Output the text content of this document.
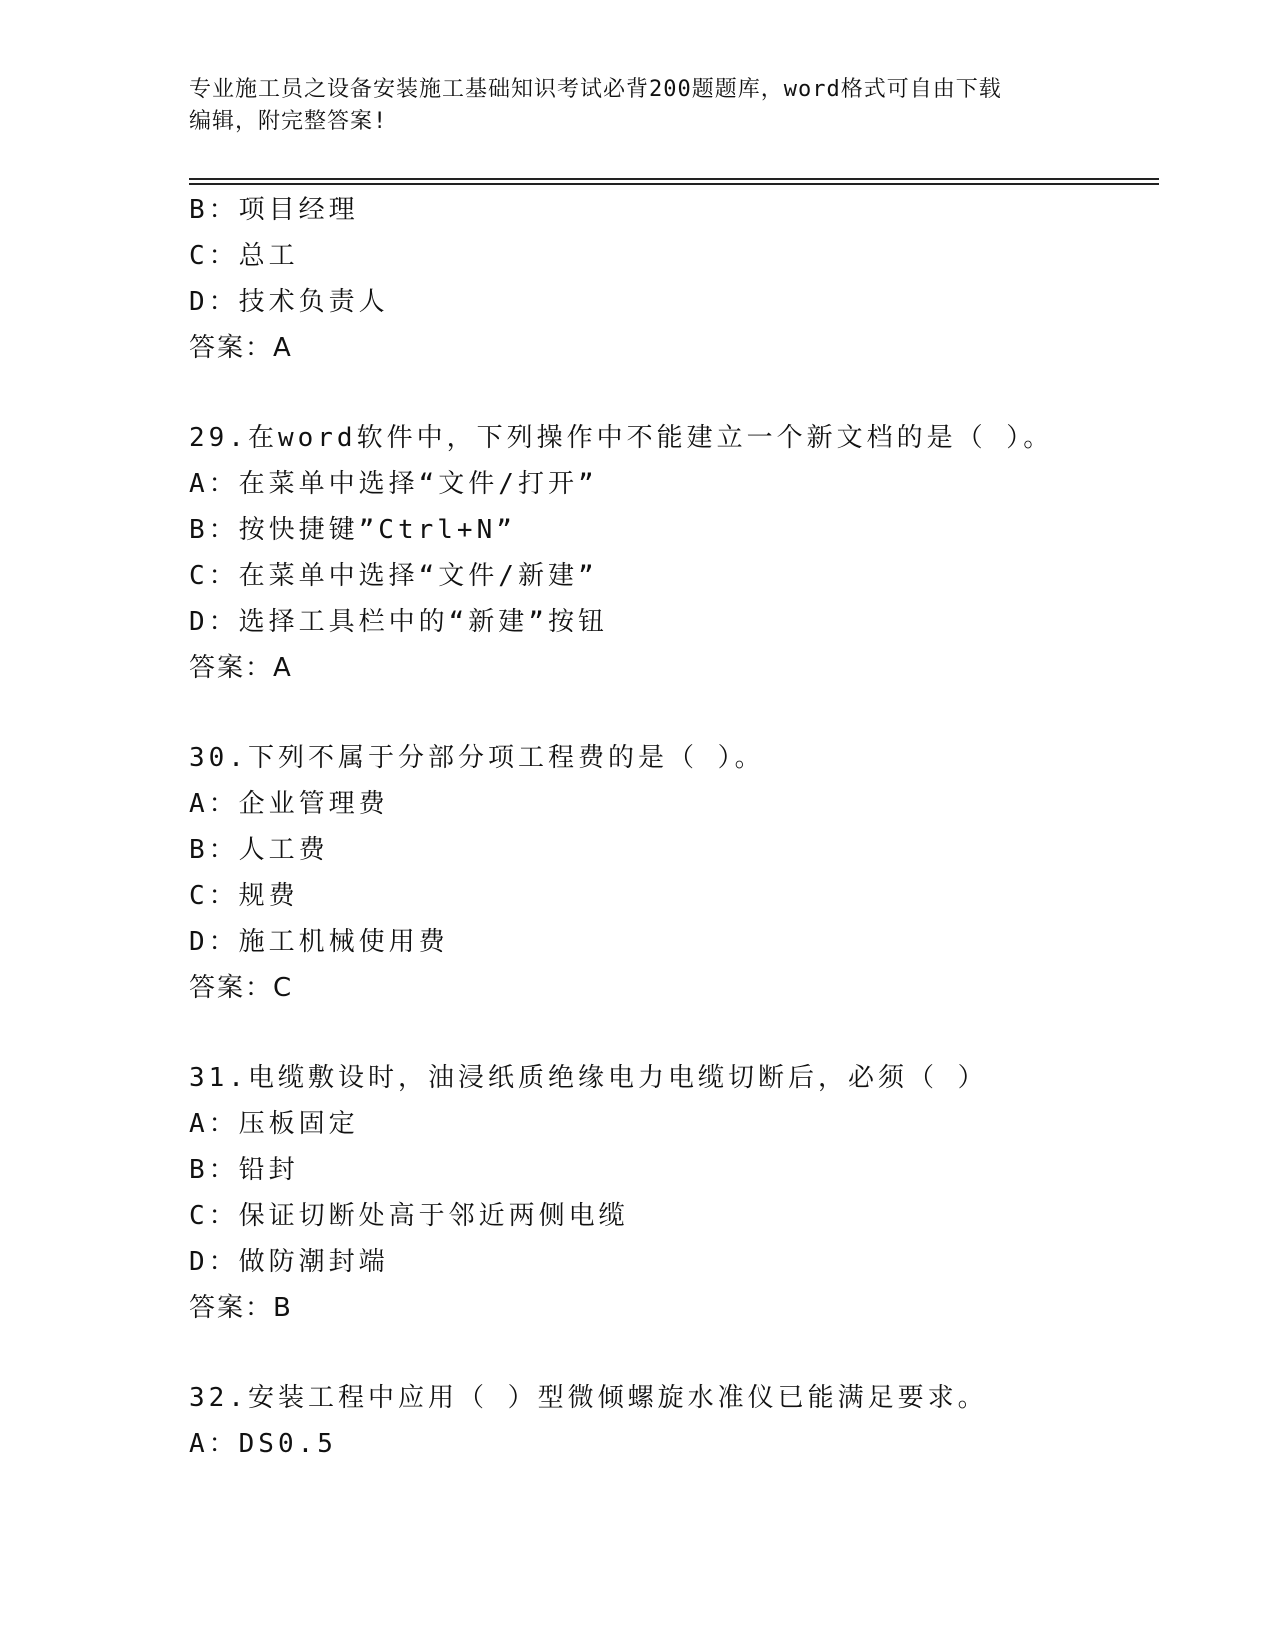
专业施工员之设备安装施工基础知识考试必背200题题库，word格式可自由下载
编辑，附完整答案!
B：项目经理
C：总工
D：技术负责人
答案：A
29.在word软件中，下列操作中不能建立一个新文档的是（ ）。
A：在菜单中选择“文件/打开”
B：按快捷键”Ctrl+N”
C：在菜单中选择“文件/新建”
D：选择工具栏中的“新建”按钮
答案：A
30.下列不属于分部分项工程费的是（ ）。
A：企业管理费
B：人工费
C：规费
D：施工机械使用费
答案：C
31.电缆敷设时，油浸纸质绝缘电力电缆切断后，必须（ ）
A：压板固定
B：铅封
C：保证切断处高于邻近两侧电缆
D：做防潮封端
答案：B
32.安装工程中应用（ ）型微倾螺旋水准仪已能满足要求。
A：DS0.5
